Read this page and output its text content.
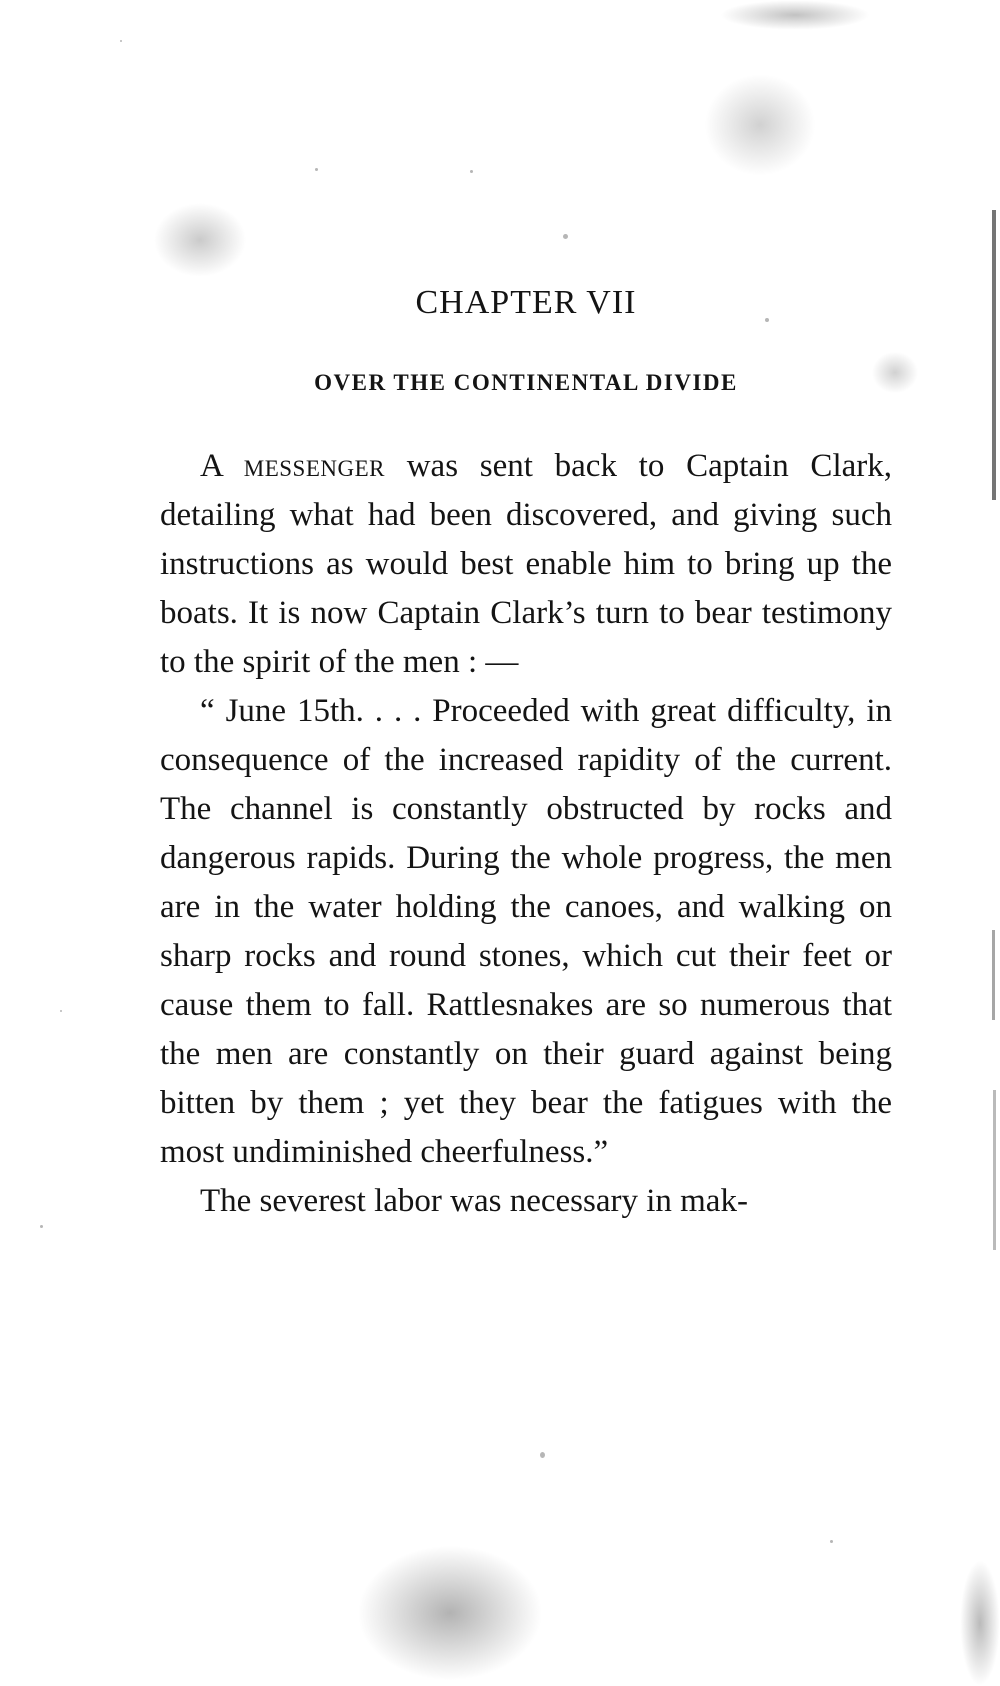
CHAPTER VII
OVER THE CONTINENTAL DIVIDE

A messenger was sent back to Captain Clark, detailing what had been discovered, and giving such instructions as would best enable him to bring up the boats. It is now Captain Clark’s turn to bear testimony to the spirit of the men : —

“ June 15th. . . . Proceeded with great difficulty, in consequence of the increased rapidity of the current. The channel is constantly obstructed by rocks and dangerous rapids. During the whole progress, the men are in the water holding the canoes, and walking on sharp rocks and round stones, which cut their feet or cause them to fall. Rattlesnakes are so numerous that the men are constantly on their guard against being bitten by them ; yet they bear the fatigues with the most undiminished cheerfulness.”

The severest labor was necessary in mak-
